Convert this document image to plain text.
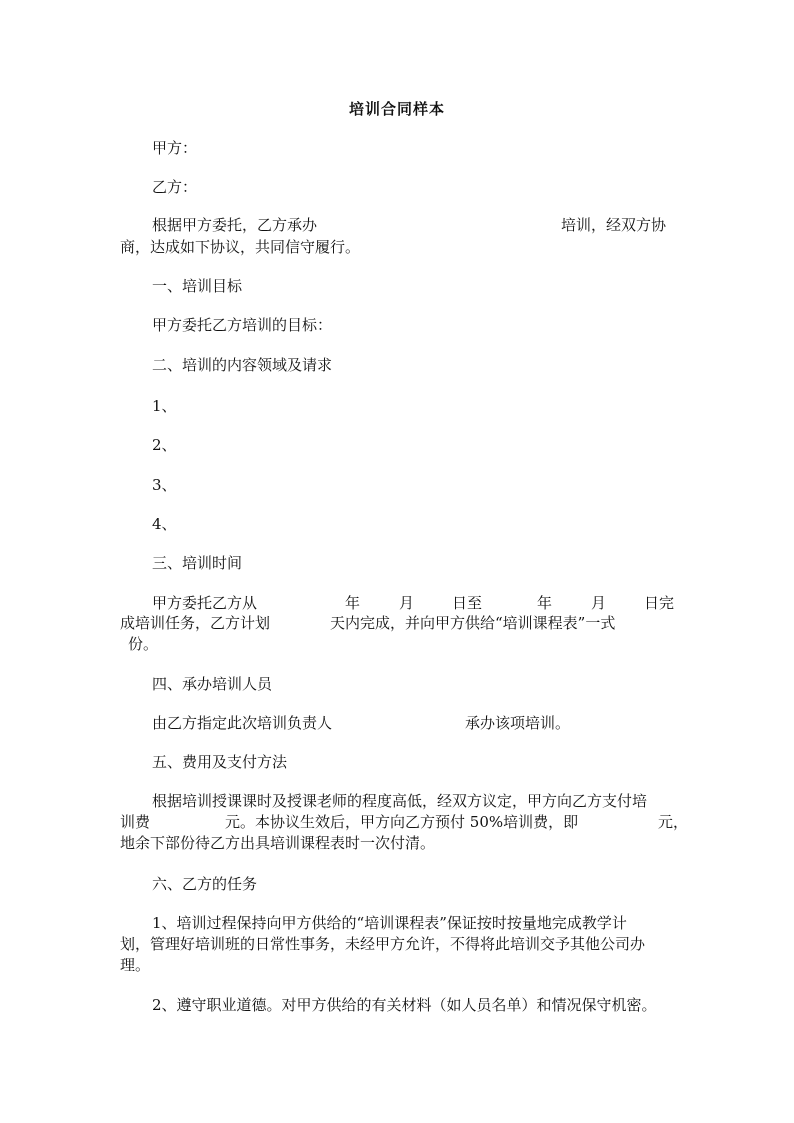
培训合同样本
甲方：
乙方：
根据甲方委托，乙方承办	培训，经双方协
商，达成如下协议，共同信守履行。
一、培训目标
甲方委托乙方培训的目标：
二、培训的内容领域及请求
1、
2、
3、
4、
三、培训时间
甲方委托乙方从	年	月	日至	年	月	日完
成培训任务，乙方计划	天内完成，并向甲方供给“培训课程表”一式
份。
四、承办培训人员
由乙方指定此次培训负责人	承办该项培训。
五、费用及支付方法
根据培训授课课时及授课老师的程度高低，经双方议定，甲方向乙方支付培
训费	元。本协议生效后，甲方向乙方预付 50%培训费，即	元，
地余下部份待乙方出具培训课程表时一次付清。
六、乙方的任务
1、培训过程保持向甲方供给的“培训课程表”保证按时按量地完成教学计
划，管理好培训班的日常性事务，未经甲方允许，不得将此培训交予其他公司办
理。
2、遵守职业道德。对甲方供给的有关材料（如人员名单）和情况保守机密。
